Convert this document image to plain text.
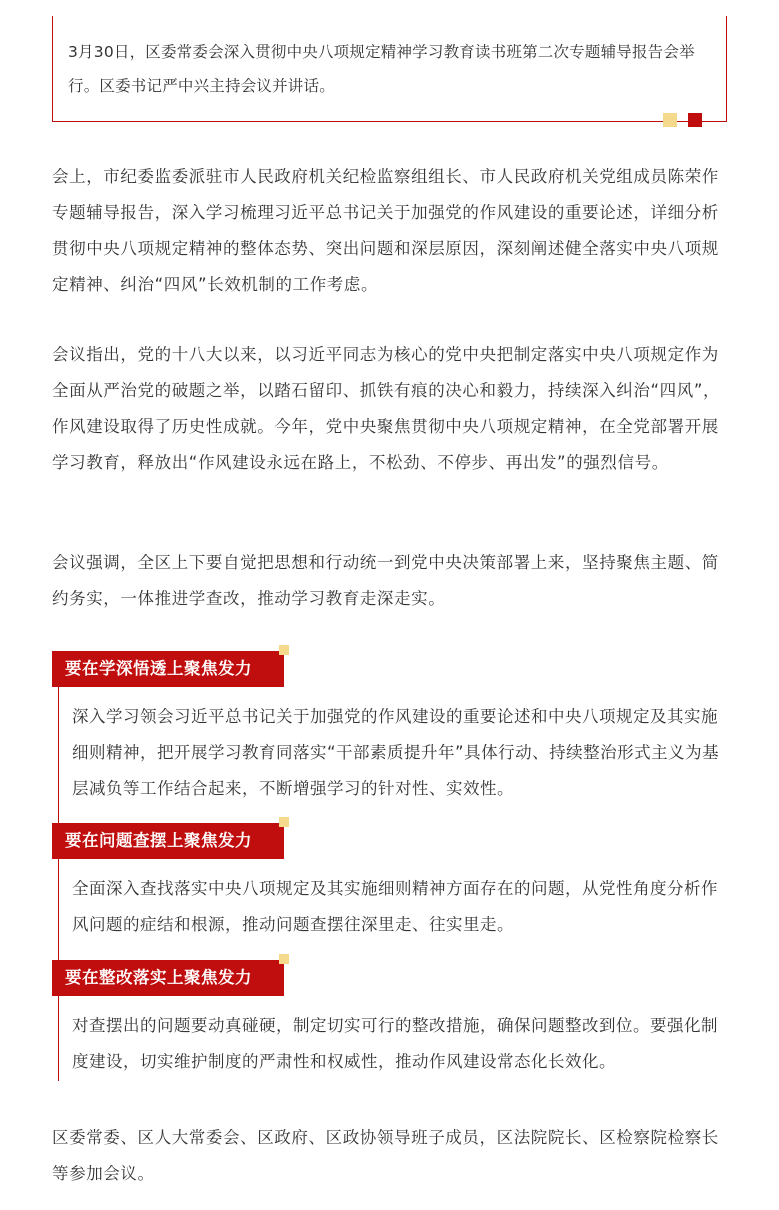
3月30日，区委常委会深入贯彻中央八项规定精神学习教育读书班第二次专题辅导报告会举行。区委书记严中兴主持会议并讲话。

会上，市纪委监委派驻市人民政府机关纪检监察组组长、市人民政府机关党组成员陈荣作专题辅导报告，深入学习梳理习近平总书记关于加强党的作风建设的重要论述，详细分析贯彻中央八项规定精神的整体态势、突出问题和深层原因，深刻阐述健全落实中央八项规定精神、纠治“四风”长效机制的工作考虑。

会议指出，党的十八大以来，以习近平同志为核心的党中央把制定落实中央八项规定作为全面从严治党的破题之举，以踏石留印、抓铁有痕的决心和毅力，持续深入纠治“四风”，作风建设取得了历史性成就。今年，党中央聚焦贯彻中央八项规定精神，在全党部署开展学习教育，释放出“作风建设永远在路上，不松劲、不停步、再出发”的强烈信号。

会议强调，全区上下要自觉把思想和行动统一到党中央决策部署上来，坚持聚焦主题、简约务实，一体推进学查改，推动学习教育走深走实。

要在学深悟透上聚焦发力

深入学习领会习近平总书记关于加强党的作风建设的重要论述和中央八项规定及其实施细则精神，把开展学习教育同落实“干部素质提升年”具体行动、持续整治形式主义为基层减负等工作结合起来，不断增强学习的针对性、实效性。

要在问题查摆上聚焦发力

全面深入查找落实中央八项规定及其实施细则精神方面存在的问题，从党性角度分析作风问题的症结和根源，推动问题查摆往深里走、往实里走。

要在整改落实上聚焦发力

对查摆出的问题要动真碰硬，制定切实可行的整改措施，确保问题整改到位。要强化制度建设，切实维护制度的严肃性和权威性，推动作风建设常态化长效化。

区委常委、区人大常委会、区政府、区政协领导班子成员，区法院院长、区检察院检察长等参加会议。
